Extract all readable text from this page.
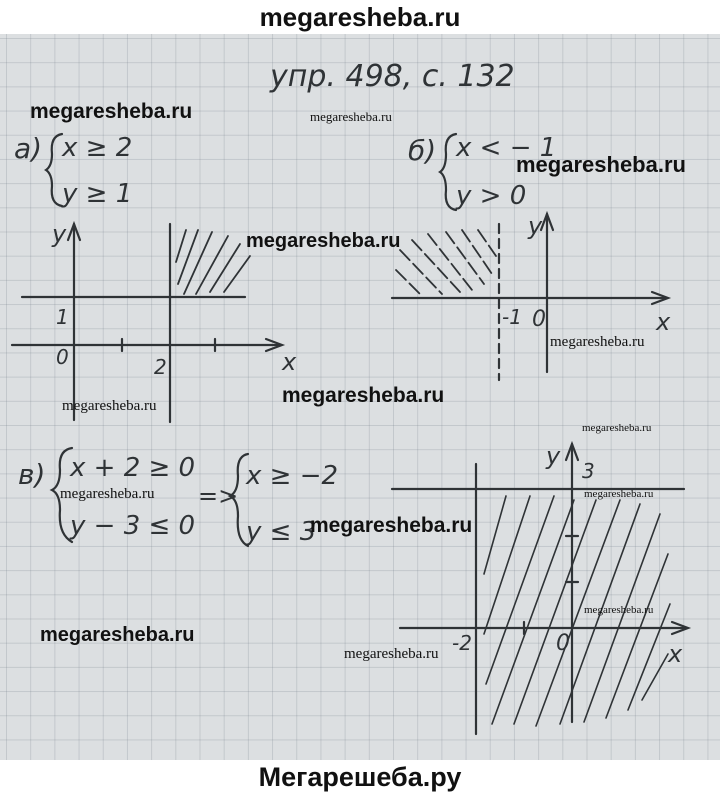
megaresheba.ru
упр. 498, с. 132
а) x ≥ 2
y ≥ 1
y
x
1
0	2
б) x < − 1
y > 0
y
x
-1 0
в) x + 2 ≥ 0
y − 3 ≤ 0
=>
x ≥ −2
y ≤ 3
y
x
3
-2	0
megaresheba.ru	megaresheba.ru
megaresheba.ru
megaresheba.ru
megaresheba.ru
megaresheba.ru
megaresheba.ru
megaresheba.ru
megaresheba.ru	megaresheba.ru
megaresheba.ru
megaresheba.ru
megaresheba.ru
megaresheba.ru
Мегарешеба.ру
